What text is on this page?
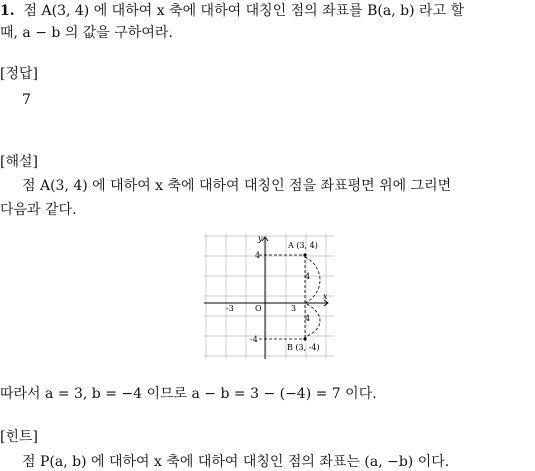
1. 점 A(3, 4) 에 대하여 x 축에 대하여 대칭인 점의 좌표를 B(a, b) 라고 할
때, a − b 의 값을 구하여라.
[정답]
7
[해설]
점 A(3, 4) 에 대하여 x 축에 대하여 대칭인 점을 좌표평면 위에 그리면
다음과 같다.
y
x
O
4
-4
-3	3
A (3, 4)
B (3, -4)
4
4
따라서 a = 3, b = −4 이므로 a − b = 3 − (−4) = 7 이다.
[힌트]
점 P(a, b) 에 대하여 x 축에 대하여 대칭인 점의 좌표는 (a, −b) 이다.
